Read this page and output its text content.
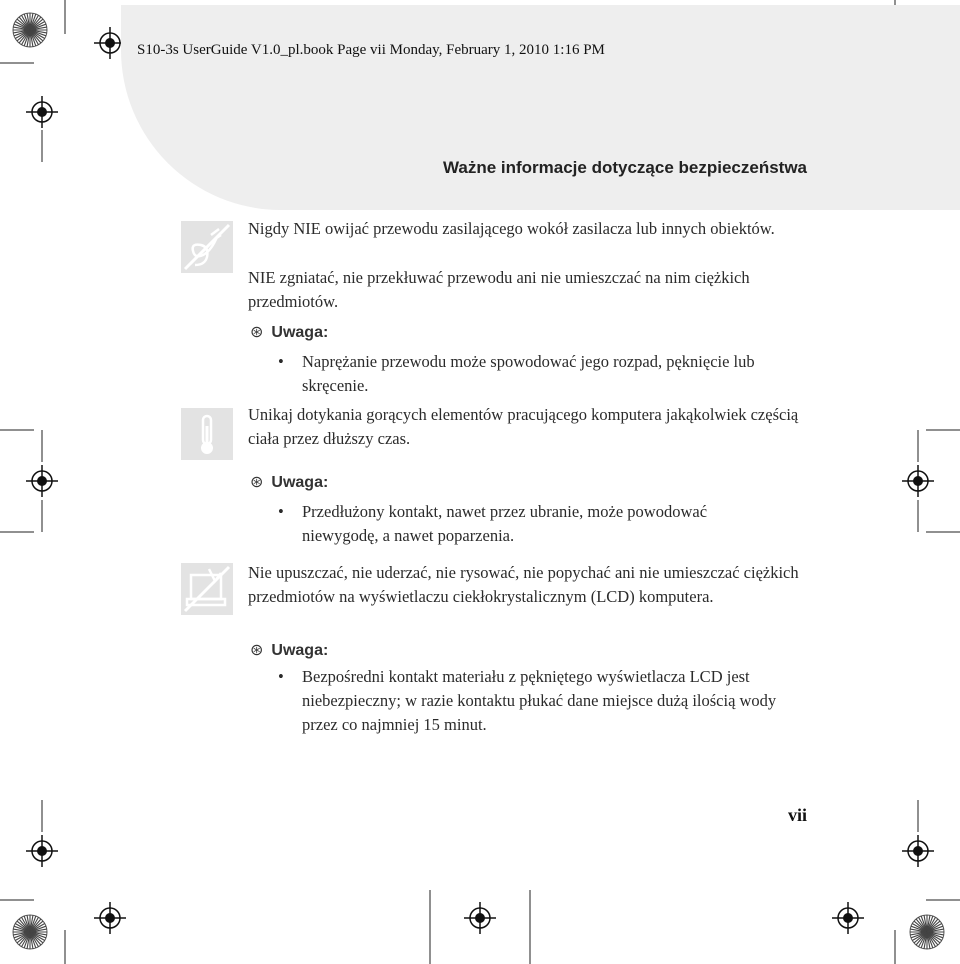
S10-3s UserGuide V1.0_pl.book Page vii Monday, February 1, 2010 1:16 PM
Ważne informacje dotyczące bezpieczeństwa
Nigdy NIE owijać przewodu zasilającego wokół zasilacza lub innych obiektów.
NIE zgniatać, nie przekłuwać przewodu ani nie umieszczać na nim ciężkich przedmiotów.
⊛ Uwaga:
• Naprężanie przewodu może spowodować jego rozpad, pęknięcie lub skręcenie.
Unikaj dotykania gorących elementów pracującego komputera jakąkolwiek częścią ciała przez dłuższy czas.
⊛ Uwaga:
• Przedłużony kontakt, nawet przez ubranie, może powodować niewygodę, a nawet poparzenia.
Nie upuszczać, nie uderzać, nie rysować, nie popychać ani nie umieszczać ciężkich przedmiotów na wyświetlaczu ciekłokrystalicznym (LCD) komputera.
⊛ Uwaga:
• Bezpośredni kontakt materiału z pękniętego wyświetlacza LCD jest niebezpieczny; w razie kontaktu płukać dane miejsce dużą ilością wody przez co najmniej 15 minut.
vii
